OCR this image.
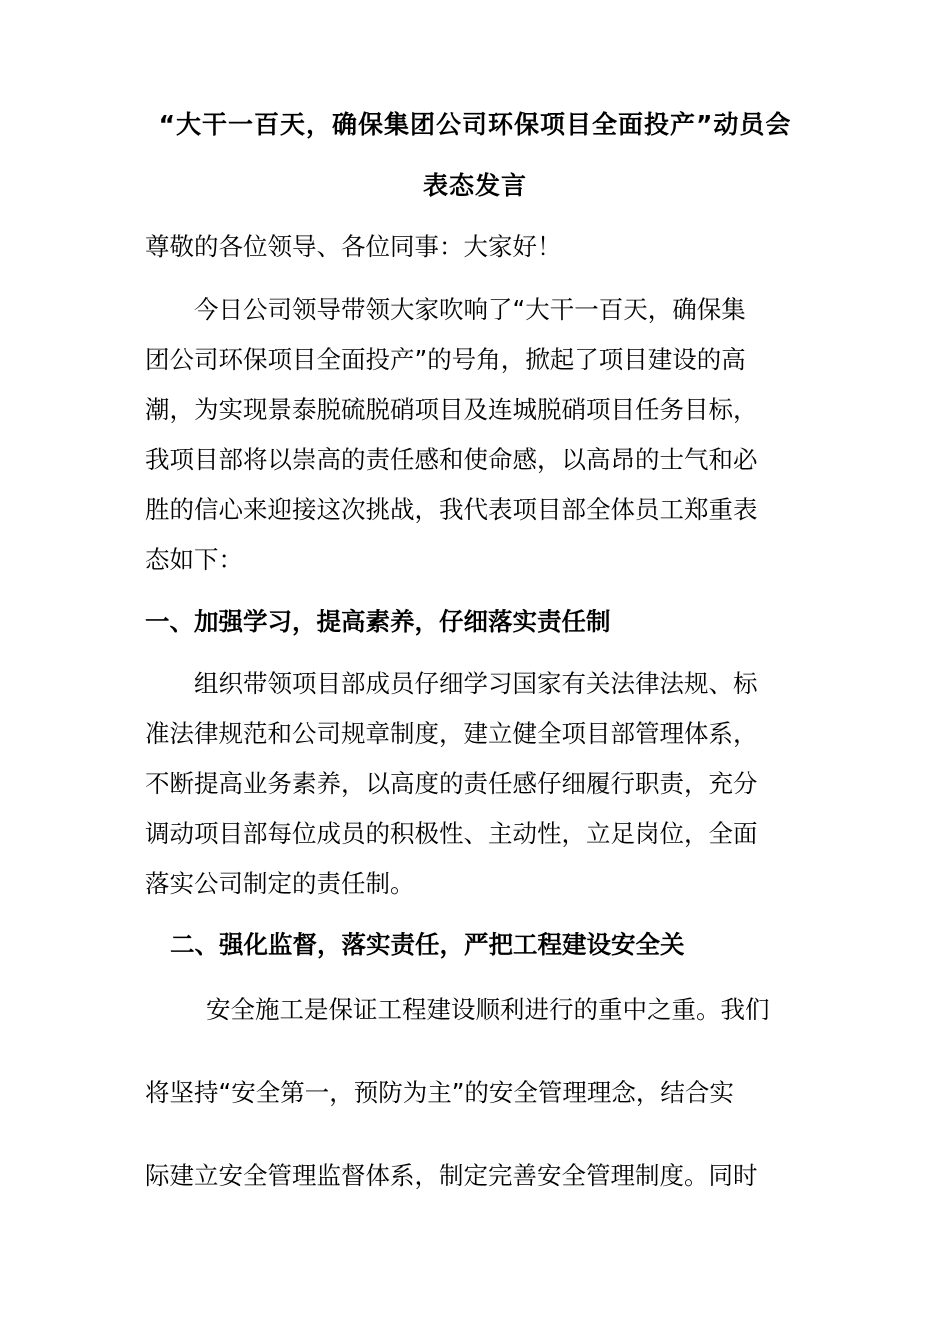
“大干一百天，确保集团公司环保项目全面投产”动员会
表态发言
尊敬的各位领导、各位同事：大家好！
今日公司领导带领大家吹响了“大干一百天，确保集
团公司环保项目全面投产”的号角，掀起了项目建设的高
潮，为实现景泰脱硫脱硝项目及连城脱硝项目任务目标，
我项目部将以崇高的责任感和使命感，以高昂的士气和必
胜的信心来迎接这次挑战，我代表项目部全体员工郑重表
态如下：
一、加强学习，提高素养，仔细落实责任制
组织带领项目部成员仔细学习国家有关法律法规、标
准法律规范和公司规章制度，建立健全项目部管理体系，
不断提高业务素养，以高度的责任感仔细履行职责，充分
调动项目部每位成员的积极性、主动性，立足岗位，全面
落实公司制定的责任制。
二、强化监督，落实责任，严把工程建设安全关
安全施工是保证工程建设顺利进行的重中之重。我们
将坚持“安全第一，预防为主”的安全管理理念，结合实
际建立安全管理监督体系，制定完善安全管理制度。同时
